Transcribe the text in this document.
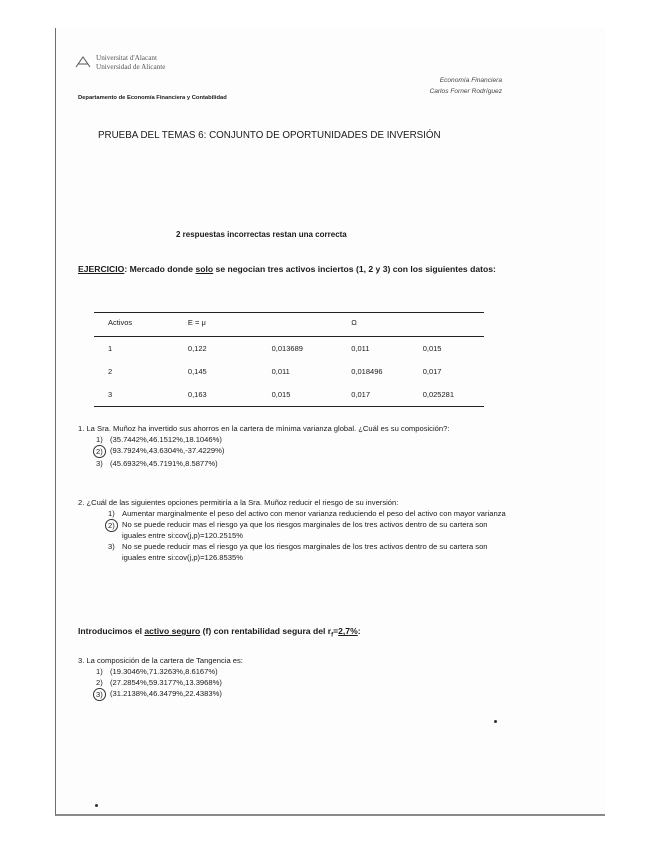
Universitat d'Alacant
Universidad de Alicante
Departamento de Economía Financiera y Contabilidad
Economía Financiera
Carlos Forner Rodríguez
PRUEBA DEL TEMAS 6: CONJUNTO DE OPORTUNIDADES DE INVERSIÓN
2 respuestas incorrectas restan una correcta
EJERCICIO: Mercado donde solo se negocian tres activos inciertos (1, 2 y 3) con los siguientes datos:
Activos	E = μ		Ω	
1	0,122	0,013689	0,011	0,015
2	0,145	0,011	0,018496	0,017
3	0,163	0,015	0,017	0,025281
1. La Sra. Muñoz ha invertido sus ahorros en la cartera de mínima varianza global. ¿Cuál es su composición?:
1) (35.7442%,46.1512%,18.1046%)
2) (93.7924%,43.6304%,-37.4229%)
3) (45.6932%,45.7191%,8.5877%)
2. ¿Cuál de las siguientes opciones permitiría a la Sra. Muñoz reducir el riesgo de su inversión:
1) Aumentar marginalmente el peso del activo con menor varianza reduciendo el peso del activo con mayor varianza
2) No se puede reducir mas el riesgo ya que los riesgos marginales de los tres activos dentro de su cartera son iguales entre si:cov(j,p)=120.2515%
3) No se puede reducir mas el riesgo ya que los riesgos marginales de los tres activos dentro de su cartera son iguales entre si:cov(j,p)=126.8535%
Introducimos el activo seguro (f) con rentabilidad segura del $r_f=2,7\%$:
3. La composición de la cartera de Tangencia es:
1) (19.3046%,71.3263%,8.6167%)
2) (27.2854%,59.3177%,13.3968%)
3) (31.2138%,46.3479%,22.4383%)
